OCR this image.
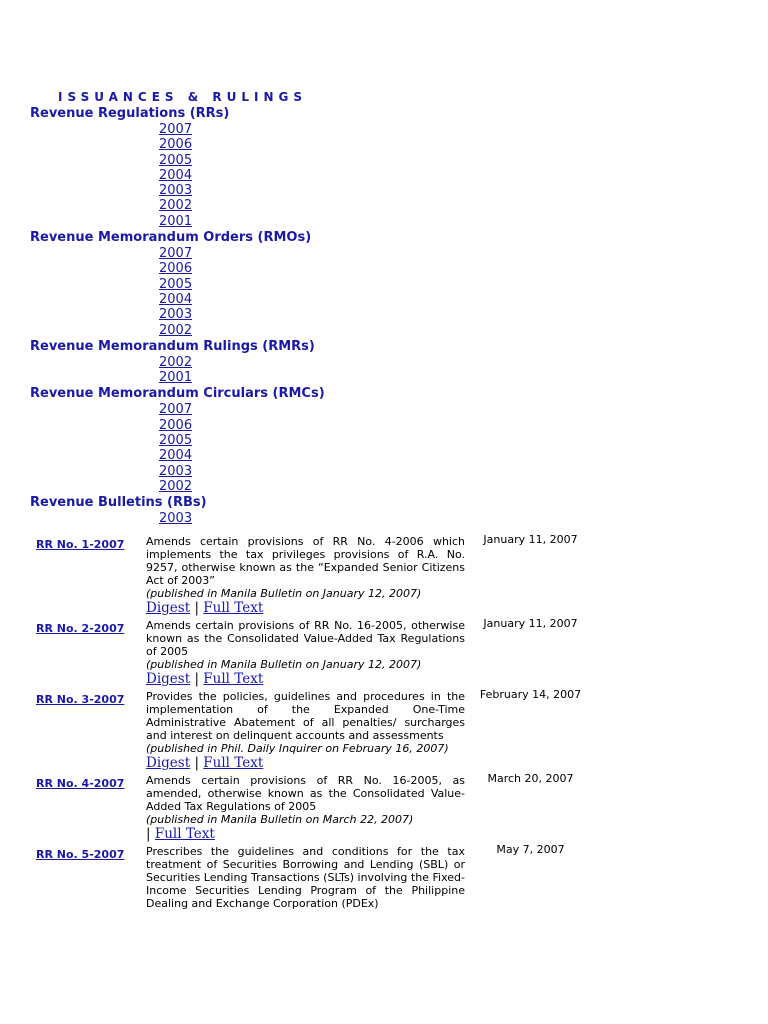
ISSUANCES & RULINGS
Revenue Regulations (RRs)
2007
2006
2005
2004
2003
2002
2001
Revenue Memorandum Orders (RMOs)
2007
2006
2005
2004
2003
2002
Revenue Memorandum Rulings (RMRs)
2002
2001
Revenue Memorandum Circulars (RMCs)
2007
2006
2005
2004
2003
2002
Revenue Bulletins (RBs)
2003
RR No. 1-2007	Amends certain provisions of RR No. 4-2006 which implements the tax privileges provisions of R.A. No. 9257, otherwise known as the “Expanded Senior Citizens Act of 2003”

(published in Manila Bulletin on January 12, 2007)

Digest | Full Text	January 11, 2007
RR No. 2-2007	Amends certain provisions of RR No. 16-2005, otherwise known as the Consolidated Value-Added Tax Regulations of 2005

(published in Manila Bulletin on January 12, 2007)

Digest | Full Text	January 11, 2007
RR No. 3-2007	Provides the policies, guidelines and procedures in the implementation of the Expanded One-Time Administrative Abatement of all penalties/ surcharges and interest on delinquent accounts and assessments

(published in Phil. Daily Inquirer on February 16, 2007)

Digest | Full Text	February 14, 2007
RR No. 4-2007	Amends certain provisions of RR No. 16-2005, as amended, otherwise known as the Consolidated Value-Added Tax Regulations of 2005

(published in Manila Bulletin on March 22, 2007)

| Full Text	March 20, 2007
RR No. 5-2007	Prescribes the guidelines and conditions for the tax treatment of Securities Borrowing and Lending (SBL) or Securities Lending Transactions (SLTs) involving the Fixed-Income Securities Lending Program of the Philippine Dealing and Exchange Corporation (PDEx)	May 7, 2007
